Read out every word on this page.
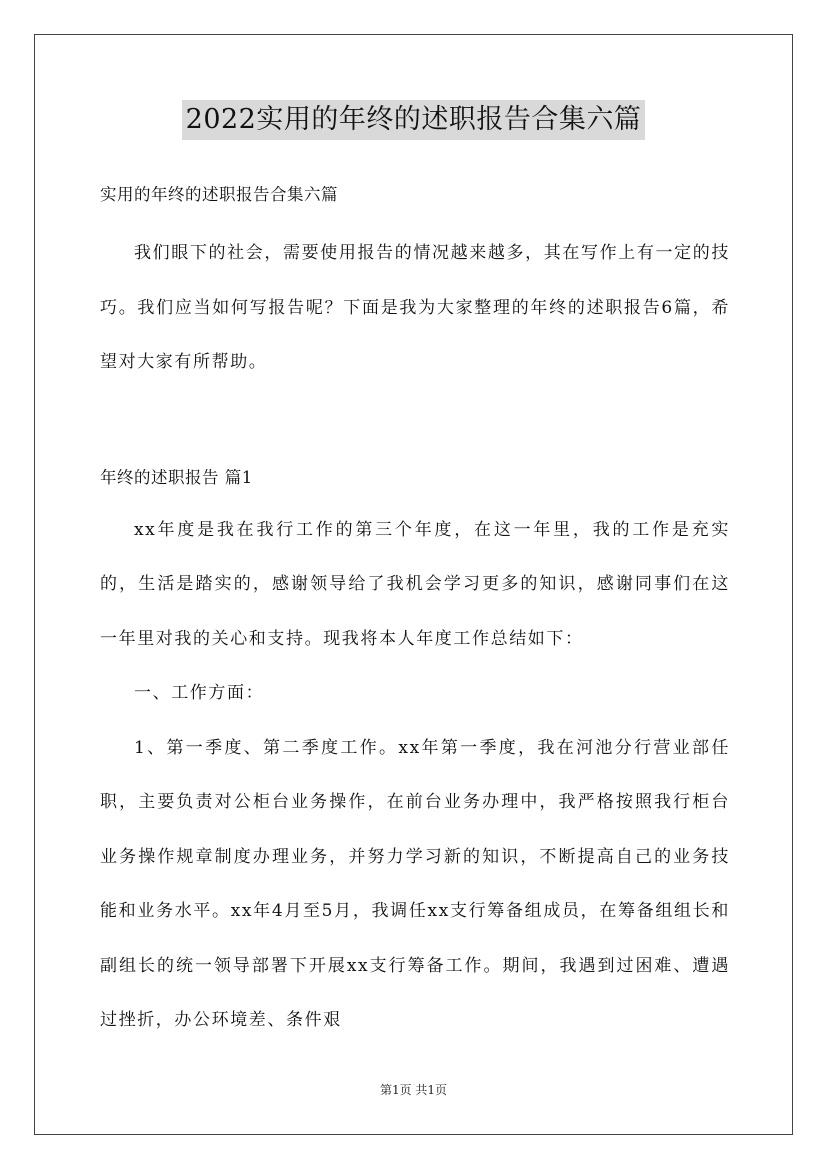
2022实用的年终的述职报告合集六篇

实用的年终的述职报告合集六篇

我们眼下的社会，需要使用报告的情况越来越多，其在写作上有一定的技巧。我们应当如何写报告呢？下面是我为大家整理的年终的述职报告6篇，希望对大家有所帮助。

年终的述职报告 篇1

xx年度是我在我行工作的第三个年度，在这一年里，我的工作是充实的，生活是踏实的，感谢领导给了我机会学习更多的知识，感谢同事们在这一年里对我的关心和支持。现我将本人年度工作总结如下：

一、工作方面：

1、第一季度、第二季度工作。xx年第一季度，我在河池分行营业部任职，主要负责对公柜台业务操作，在前台业务办理中，我严格按照我行柜台业务操作规章制度办理业务，并努力学习新的知识，不断提高自己的业务技能和业务水平。xx年4月至5月，我调任xx支行筹备组成员，在筹备组组长和副组长的统一领导部署下开展xx支行筹备工作。期间，我遇到过困难、遭遇过挫折，办公环境差、条件艰

第1页 共1页
